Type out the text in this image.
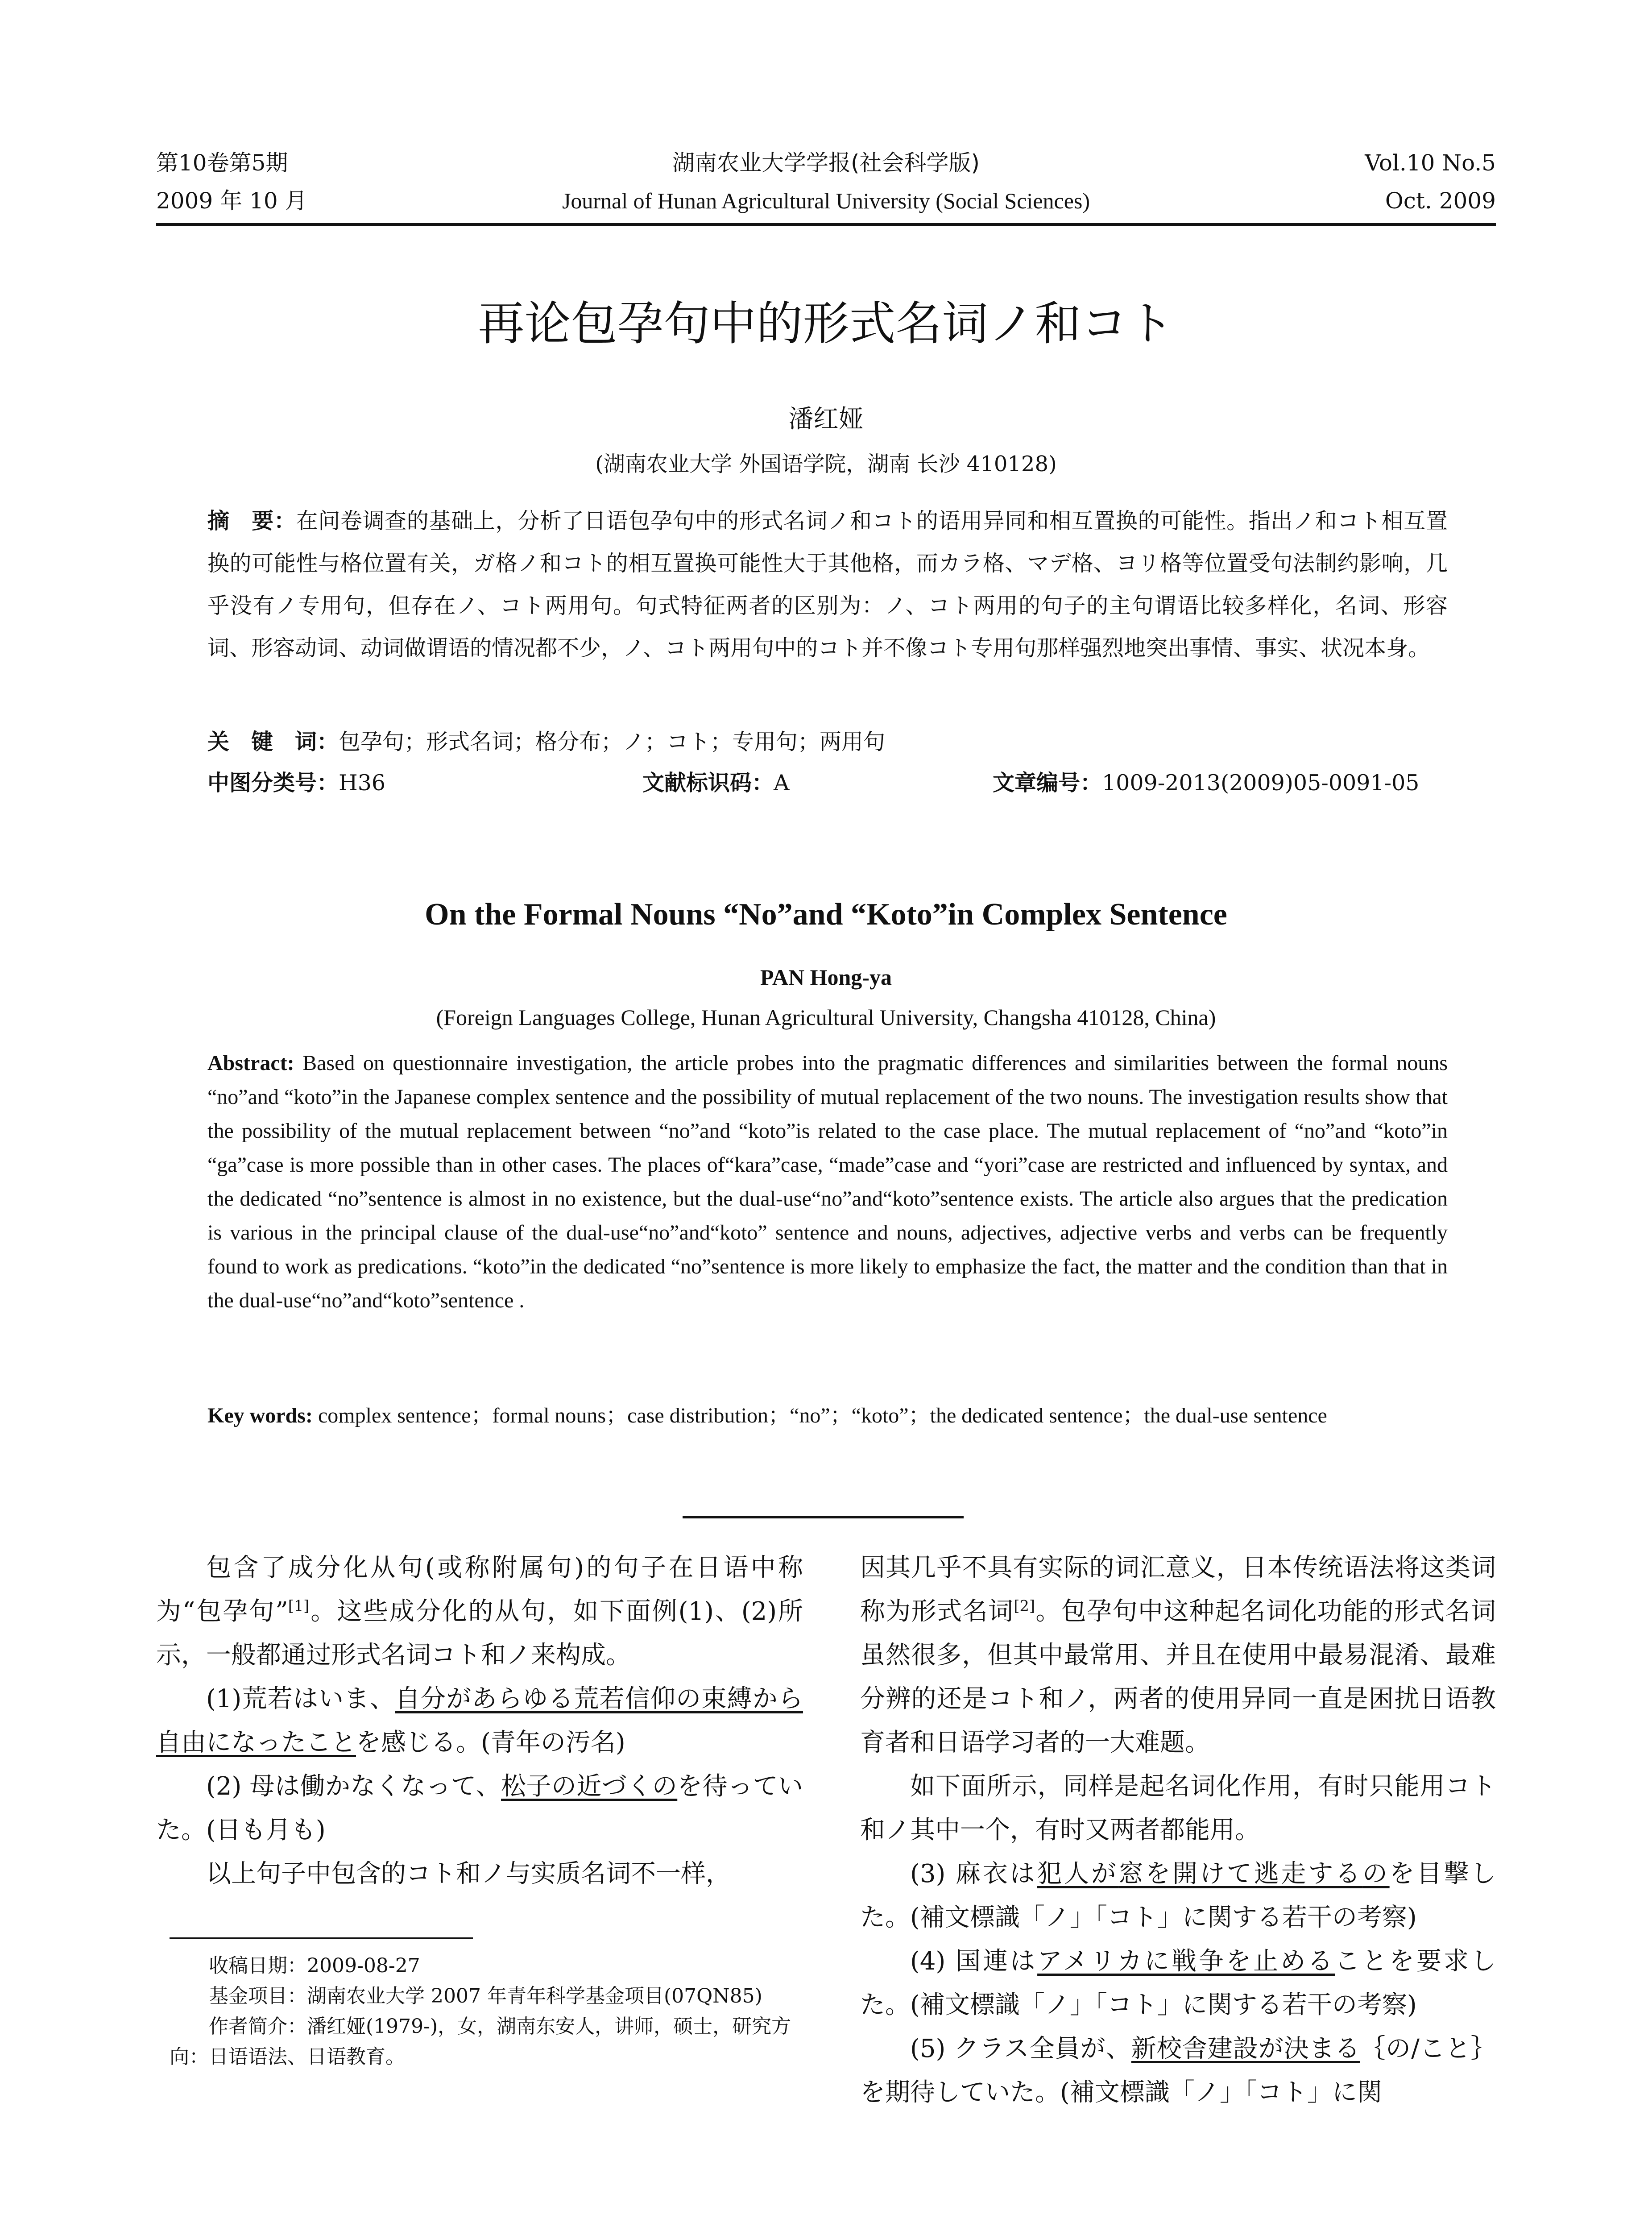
第10卷第5期
2009 年 10 月
湖南农业大学学报(社会科学版)
Journal of Hunan Agricultural University (Social Sciences)
Vol.10 No.5
Oct. 2009
再论包孕句中的形式名词ノ和コト
潘红娅
(湖南农业大学 外国语学院，湖南 长沙 410128)
摘　要：在问卷调查的基础上，分析了日语包孕句中的形式名词ノ和コト的语用异同和相互置换的可能性。指出ノ和コト相互置换的可能性与格位置有关，ガ格ノ和コト的相互置换可能性大于其他格，而カラ格、マデ格、ヨリ格等位置受句法制约影响，几乎没有ノ专用句，但存在ノ、コト两用句。句式特征两者的区别为：ノ、コト两用的句子的主句谓语比较多样化，名词、形容词、形容动词、动词做谓语的情况都不少，ノ、コト两用句中的コト并不像コト专用句那样强烈地突出事情、事实、状况本身。
关　键　词：包孕句；形式名词；格分布；ノ；コト；专用句；两用句
中图分类号：H36	文献标识码：A	文章编号：1009-2013(2009)05-0091-05
On the Formal Nouns “No”and “Koto”in Complex Sentence
PAN Hong-ya
(Foreign Languages College, Hunan Agricultural University, Changsha 410128, China)
Abstract: Based on questionnaire investigation, the article probes into the pragmatic differences and similarities between the formal nouns “no”and “koto”in the Japanese complex sentence and the possibility of mutual replacement of the two nouns. The investigation results show that the possibility of the mutual replacement between “no”and “koto”is related to the case place. The mutual replacement of “no”and “koto”in “ga”case is more possible than in other cases. The places of“kara”case, “made”case and “yori”case are restricted and influenced by syntax, and the dedicated “no”sentence is almost in no existence, but the dual-use“no”and“koto”sentence exists. The article also argues that the predication is various in the principal clause of the dual-use“no”and“koto” sentence and nouns, adjectives, adjective verbs and verbs can be frequently found to work as predications. “koto”in the dedicated “no”sentence is more likely to emphasize the fact, the matter and the condition than that in the dual-use“no”and“koto”sentence .
Key words: complex sentence；formal nouns；case distribution；“no”；“koto”；the dedicated sentence；the dual-use sentence

包含了成分化从句(或称附属句)的句子在日语中称为“包孕句”[1]。这些成分化的从句，如下面例(1)、(2)所示，一般都通过形式名词コト和ノ来构成。

(1)荒若はいま、自分があらゆる荒若信仰の束縛から自由になったことを感じる。(青年の汚名)

(2) 母は働かなくなって、松子の近づくのを待っていた。(日も月も)

以上句子中包含的コト和ノ与实质名词不一样，

收稿日期：2009-08-27

基金项目：湖南农业大学 2007 年青年科学基金项目(07QN85)

作者简介：潘红娅(1979-)，女，湖南东安人，讲师，硕士，研究方向：日语语法、日语教育。

因其几乎不具有实际的词汇意义，日本传统语法将这类词称为形式名词[2]。包孕句中这种起名词化功能的形式名词虽然很多，但其中最常用、并且在使用中最易混淆、最难分辨的还是コト和ノ，两者的使用异同一直是困扰日语教育者和日语学习者的一大难题。

如下面所示，同样是起名词化作用，有时只能用コト和ノ其中一个，有时又两者都能用。

(3) 麻衣は犯人が窓を開けて逃走するのを目撃した。(補文標識「ノ」「コト」に関する若干の考察)

(4) 国連はアメリカに戦争を止めることを要求した。(補文標識「ノ」「コト」に関する若干の考察)

(5) クラス全員が、新校舎建設が決まる｛の/こと｝を期待していた。(補文標識「ノ」「コト」に関
